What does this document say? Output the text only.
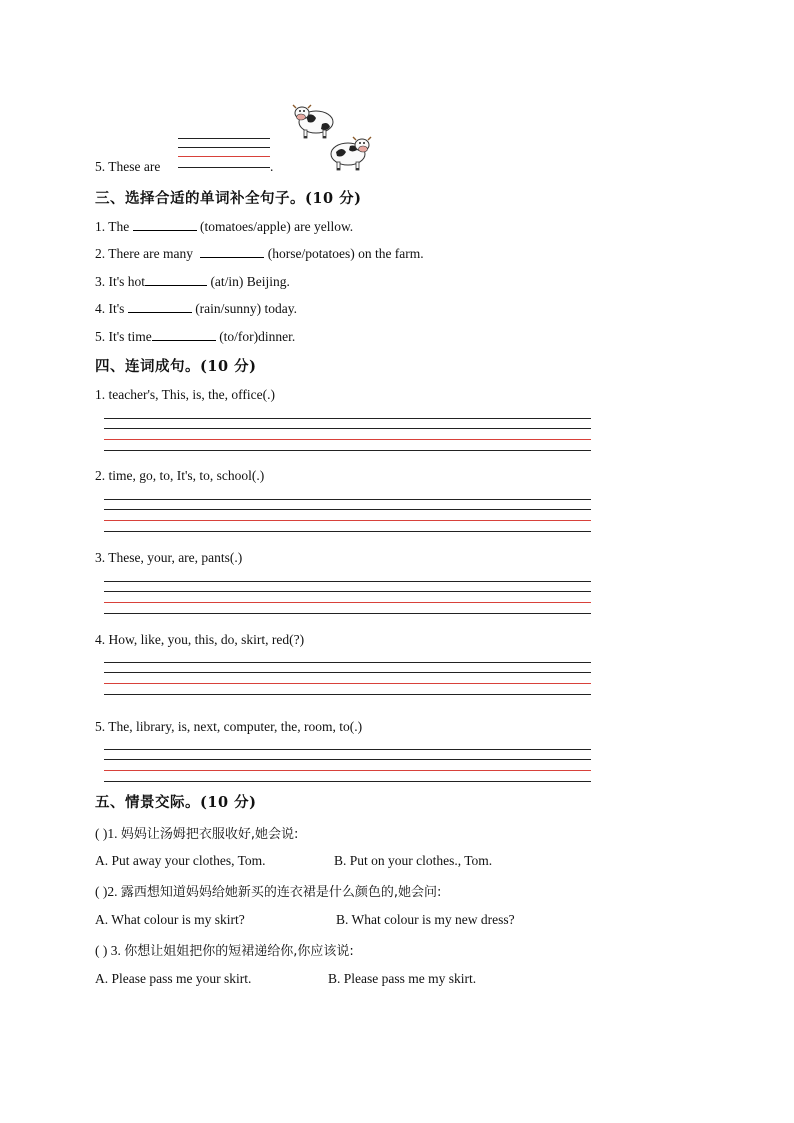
5. These are	.
三、选择合适的单词补全句子。(10 分)
1. The	(tomatoes/apple) are yellow.
2. There are many	(horse/potatoes) on the farm.
3. It's hot	(at/in) Beijing.
4. It's	(rain/sunny) today.
5. It's time	(to/for)dinner.
四、连词成句。(10 分)
1. teacher's, This, is, the, office(.)
2. time, go, to, It's, to, school(.)
3. These, your, are, pants(.)
4. How, like, you, this, do, skirt, red(?)
5. The, library, is, next, computer, the, room, to(.)
五、情景交际。(10 分)
( )1. 妈妈让汤姆把衣服收好,她会说:
A. Put away your clothes, Tom.	B. Put on your clothes., Tom.
( )2. 露西想知道妈妈给她新买的连衣裙是什么颜色的,她会问:
A. What colour is my skirt?	B. What colour is my new dress?
( ) 3. 你想让姐姐把你的短裙递给你,你应该说:
A. Please pass me your skirt.	B. Please pass me my skirt.
